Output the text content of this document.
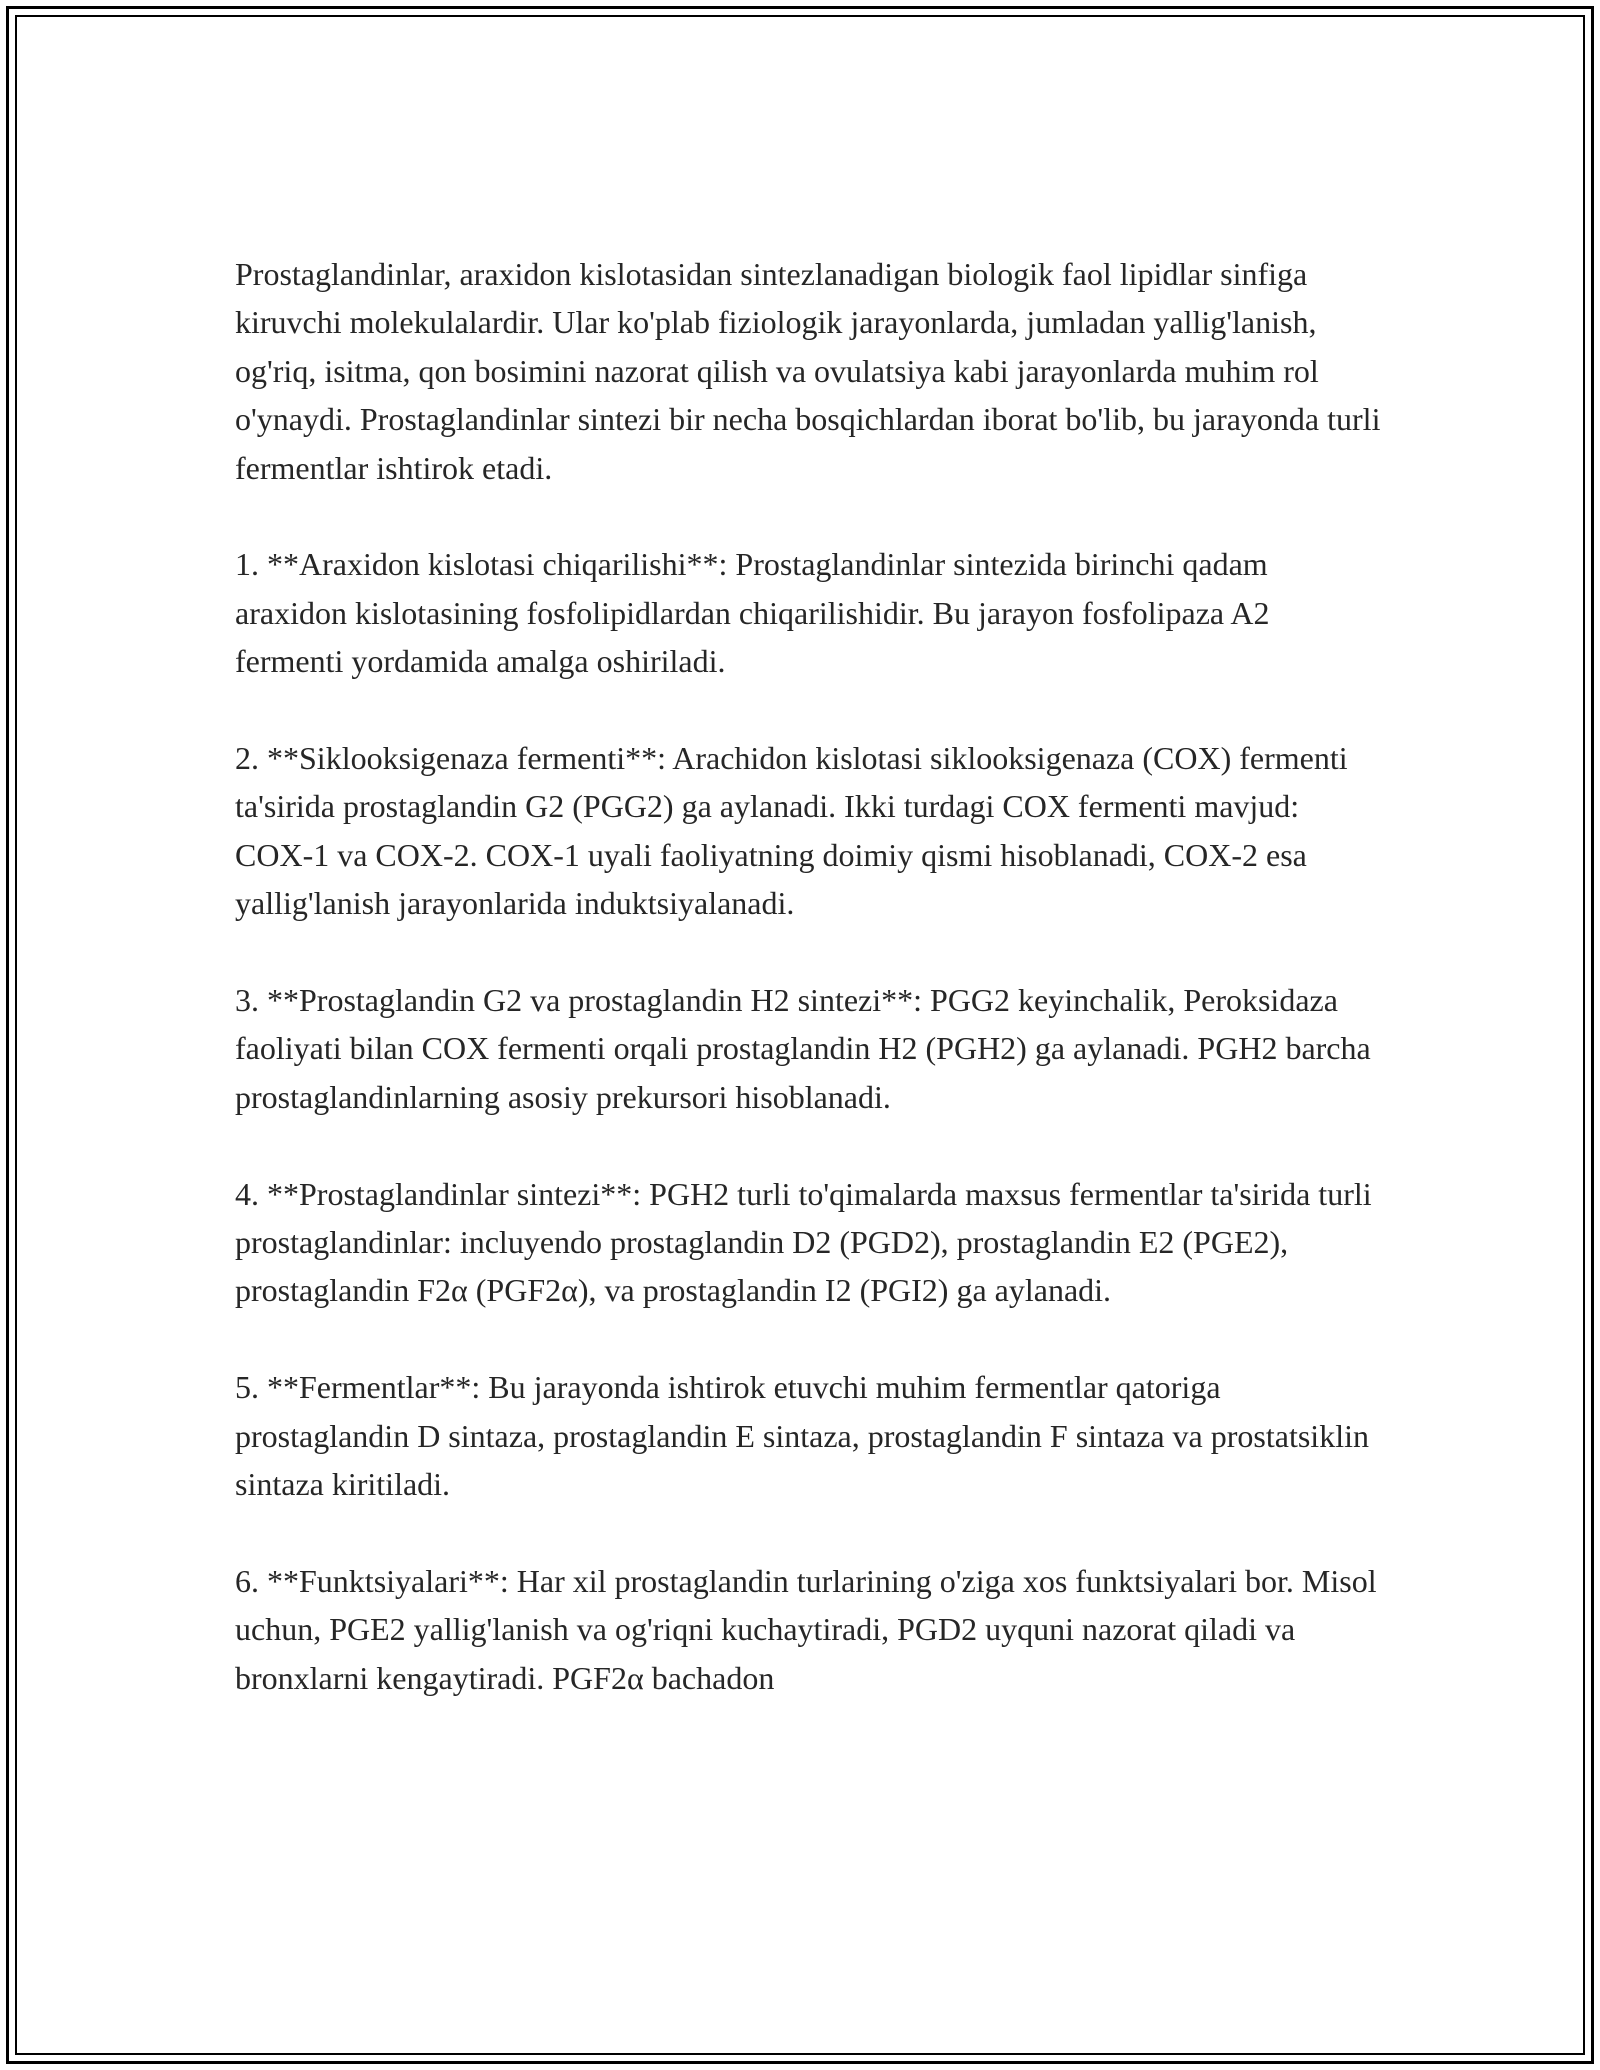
Prostaglandinlar, araxidon kislotasidan sintezlanadigan biologik faol lipidlar sinfiga kiruvchi molekulalardir. Ular ko'plab fiziologik jarayonlarda, jumladan yallig'lanish, og'riq, isitma, qon bosimini nazorat qilish va ovulatsiya kabi jarayonlarda muhim rol o'ynaydi. Prostaglandinlar sintezi bir necha bosqichlardan iborat bo'lib, bu jarayonda turli fermentlar ishtirok etadi.

1. **Araxidon kislotasi chiqarilishi**: Prostaglandinlar sintezida birinchi qadam araxidon kislotasining fosfolipidlardan chiqarilishidir. Bu jarayon fosfolipaza A2 fermenti yordamida amalga oshiriladi.

2. **Siklooksigenaza fermenti**: Arachidon kislotasi siklooksigenaza (COX) fermenti ta'sirida prostaglandin G2 (PGG2) ga aylanadi. Ikki turdagi COX fermenti mavjud: COX-1 va COX-2. COX-1 uyali faoliyatning doimiy qismi hisoblanadi, COX-2 esa yallig'lanish jarayonlarida induktsiyalanadi.

3. **Prostaglandin G2 va prostaglandin H2 sintezi**: PGG2 keyinchalik, Peroksidaza faoliyati bilan COX fermenti orqali prostaglandin H2 (PGH2) ga aylanadi. PGH2 barcha prostaglandinlarning asosiy prekursori hisoblanadi.

4. **Prostaglandinlar sintezi**: PGH2 turli to'qimalarda maxsus fermentlar ta'sirida turli prostaglandinlar: incluyendo prostaglandin D2 (PGD2), prostaglandin E2 (PGE2), prostaglandin F2α (PGF2α), va prostaglandin I2 (PGI2) ga aylanadi.

5. **Fermentlar**: Bu jarayonda ishtirok etuvchi muhim fermentlar qatoriga prostaglandin D sintaza, prostaglandin E sintaza, prostaglandin F sintaza va prostatsiklin sintaza kiritiladi.

6. **Funktsiyalari**: Har xil prostaglandin turlarining o'ziga xos funktsiyalari bor. Misol uchun, PGE2 yallig'lanish va og'riqni kuchaytiradi, PGD2 uyquni nazorat qiladi va bronxlarni kengaytiradi. PGF2α bachadon
